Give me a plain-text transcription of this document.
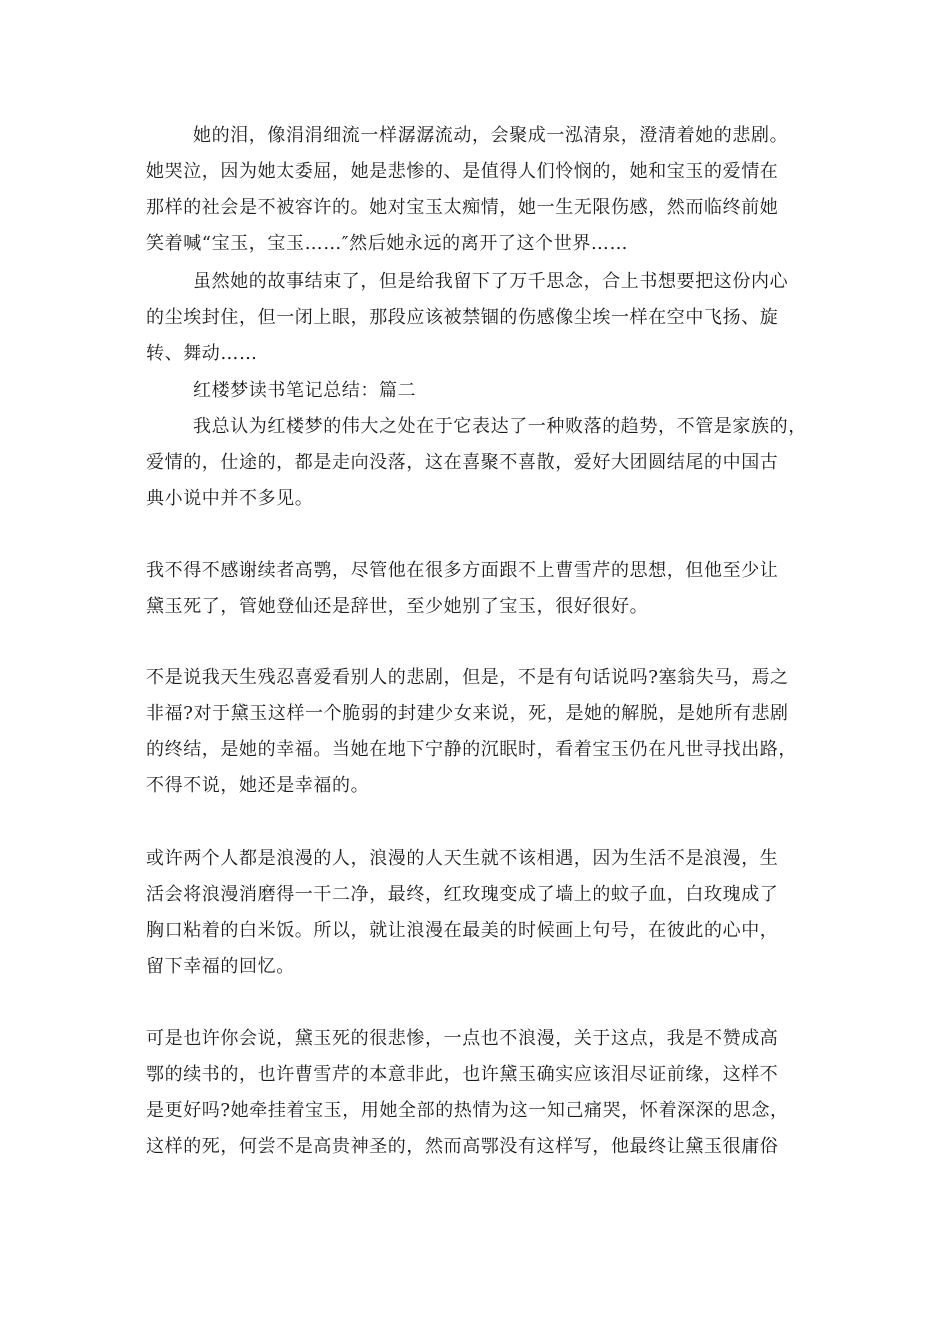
她的泪，像涓涓细流一样潺潺流动，会聚成一泓清泉，澄清着她的悲剧。

她哭泣，因为她太委屈，她是悲惨的、是值得人们怜悯的，她和宝玉的爱情在

那样的社会是不被容许的。她对宝玉太痴情，她一生无限伤感，然而临终前她

笑着喊“宝玉，宝玉……″然后她永远的离开了这个世界……

虽然她的故事结束了，但是给我留下了万千思念，合上书想要把这份内心

的尘埃封住，但一闭上眼，那段应该被禁锢的伤感像尘埃一样在空中飞扬、旋

转、舞动……

红楼梦读书笔记总结：篇二

我总认为红楼梦的伟大之处在于它表达了一种败落的趋势，不管是家族的，

爱情的，仕途的，都是走向没落，这在喜聚不喜散，爱好大团圆结尾的中国古

典小说中并不多见。

我不得不感谢续者高鹗，尽管他在很多方面跟不上曹雪芹的思想，但他至少让

黛玉死了，管她登仙还是辞世，至少她别了宝玉，很好很好。

不是说我天生残忍喜爱看别人的悲剧，但是，不是有句话说吗?塞翁失马，焉之

非福?对于黛玉这样一个脆弱的封建少女来说，死，是她的解脱，是她所有悲剧

的终结，是她的幸福。当她在地下宁静的沉眠时，看着宝玉仍在凡世寻找出路，

不得不说，她还是幸福的。

或许两个人都是浪漫的人，浪漫的人天生就不该相遇，因为生活不是浪漫，生

活会将浪漫消磨得一干二净，最终，红玫瑰变成了墙上的蚊子血，白玫瑰成了

胸口粘着的白米饭。所以，就让浪漫在最美的时候画上句号，在彼此的心中，

留下幸福的回忆。

可是也许你会说，黛玉死的很悲惨，一点也不浪漫，关于这点，我是不赞成高

鄂的续书的，也许曹雪芹的本意非此，也许黛玉确实应该泪尽证前缘，这样不

是更好吗?她牵挂着宝玉，用她全部的热情为这一知己痛哭，怀着深深的思念，

这样的死，何尝不是高贵神圣的，然而高鄂没有这样写，他最终让黛玉很庸俗
